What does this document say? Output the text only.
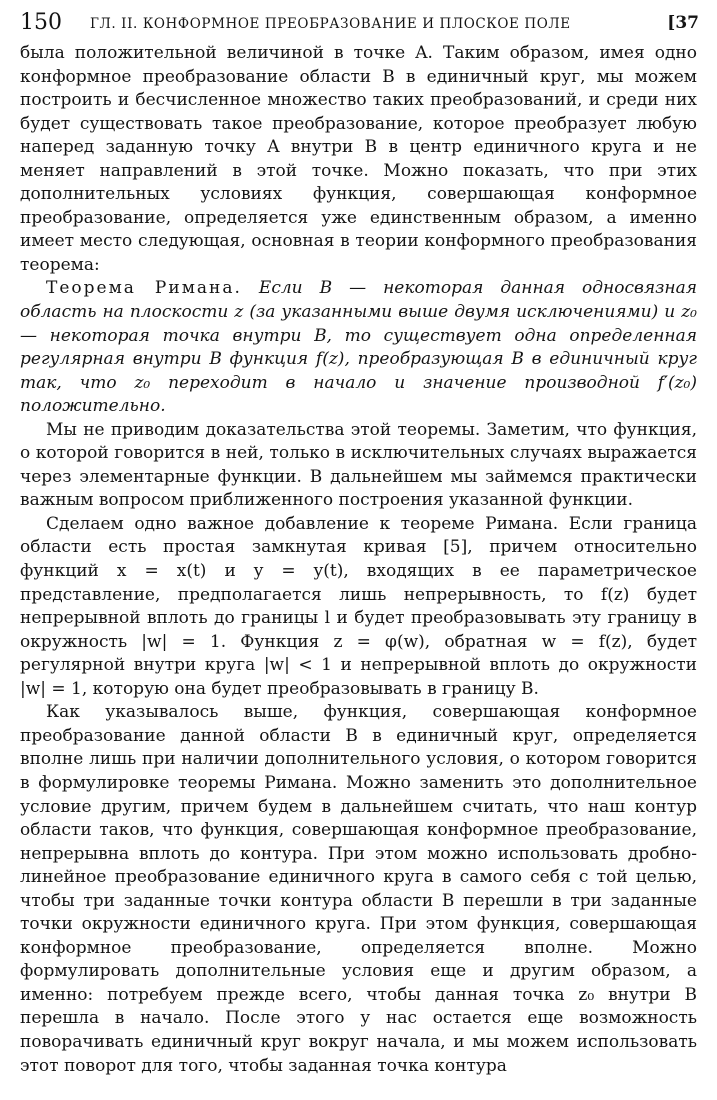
150 ГЛ. II. КОНФОРМНОЕ ПРЕОБРАЗОВАНИЕ И ПЛОСКОЕ ПОЛЕ	[37

была положительной величиной в точке A. Таким образом, имея одно конформное преобразование области B в единичный круг, мы можем построить и бесчисленное множество таких преобразований, и среди них будет существовать такое преобразование, которое преобразует любую наперед заданную точку A внутри B в центр единичного круга и не меняет направлений в этой точке. Можно показать, что при этих дополнительных условиях функция, совершающая конформное преобразование, определяется уже единственным образом, а именно имеет место следующая, основная в теории конформного преобразования теорема:

Теорема Римана. Если B — некоторая данная односвязная область на плоскости z (за указанными выше двумя исключениями) и z₀ — некоторая точка внутри B, то существует одна определенная регулярная внутри B функция f(z), преобразующая B в единичный круг так, что z₀ переходит в начало и значение производной f′(z₀) положительно.

Мы не приводим доказательства этой теоремы. Заметим, что функция, о которой говорится в ней, только в исключительных случаях выражается через элементарные функции. В дальнейшем мы займемся практически важным вопросом приближенного построения указанной функции.

Сделаем одно важное добавление к теореме Римана. Если граница области есть простая замкнутая кривая [5], причем относительно функций x = x(t) и y = y(t), входящих в ее параметрическое представление, предполагается лишь непрерывность, то f(z) будет непрерывной вплоть до границы l и будет преобразовывать эту границу в окружность |w| = 1. Функция z = φ(w), обратная w = f(z), будет регулярной внутри круга |w| < 1 и непрерывной вплоть до окружности |w| = 1, которую она будет преобразовывать в границу B.

Как указывалось выше, функция, совершающая конформное преобразование данной области B в единичный круг, определяется вполне лишь при наличии дополнительного условия, о котором говорится в формулировке теоремы Римана. Можно заменить это дополнительное условие другим, причем будем в дальнейшем считать, что наш контур области таков, что функция, совершающая конформное преобразование, непрерывна вплоть до контура. При этом можно использовать дробно-линейное преобразование единичного круга в самого себя с той целью, чтобы три заданные точки контура области B перешли в три заданные точки окружности единичного круга. При этом функция, совершающая конформное преобразование, определяется вполне. Можно формулировать дополнительные условия еще и другим образом, а именно: потребуем прежде всего, чтобы данная точка z₀ внутри B перешла в начало. После этого у нас остается еще возможность поворачивать единичный круг вокруг начала, и мы можем использовать этот поворот для того, чтобы заданная точка контура
